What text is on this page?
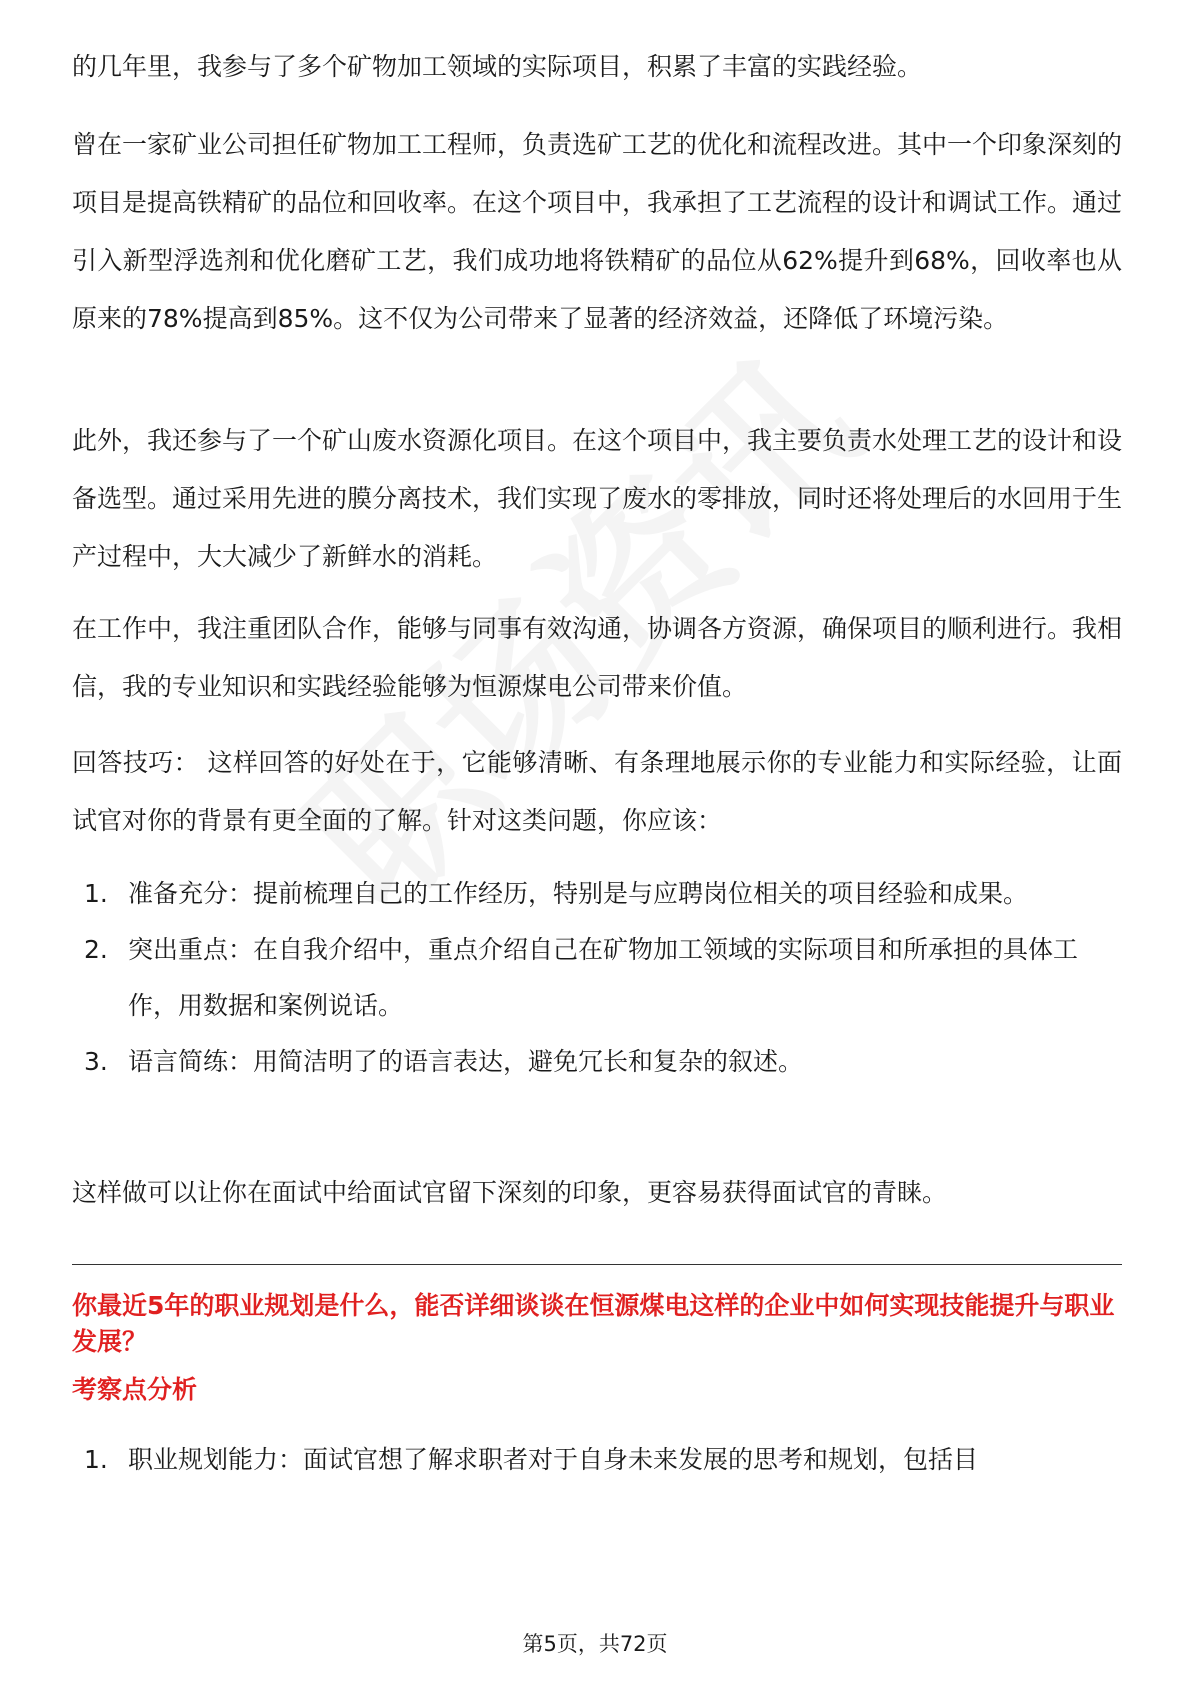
的几年里，我参与了多个矿物加工领域的实际项目，积累了丰富的实践经验。

曾在一家矿业公司担任矿物加工工程师，负责选矿工艺的优化和流程改进。其中一个印象深刻的项目是提高铁精矿的品位和回收率。在这个项目中，我承担了工艺流程的设计和调试工作。通过引入新型浮选剂和优化磨矿工艺，我们成功地将铁精矿的品位从62%提升到68%，回收率也从原来的78%提高到85%。这不仅为公司带来了显著的经济效益，还降低了环境污染。

此外，我还参与了一个矿山废水资源化项目。在这个项目中，我主要负责水处理工艺的设计和设备选型。通过采用先进的膜分离技术，我们实现了废水的零排放，同时还将处理后的水回用于生产过程中，大大减少了新鲜水的消耗。

在工作中，我注重团队合作，能够与同事有效沟通，协调各方资源，确保项目的顺利进行。我相信，我的专业知识和实践经验能够为恒源煤电公司带来价值。

回答技巧： 这样回答的好处在于，它能够清晰、有条理地展示你的专业能力和实际经验，让面试官对你的背景有更全面的了解。针对这类问题，你应该：

1. 准备充分：提前梳理自己的工作经历，特别是与应聘岗位相关的项目经验和成果。
2. 突出重点：在自我介绍中，重点介绍自己在矿物加工领域的实际项目和所承担的具体工作，用数据和案例说话。
3. 语言简练：用简洁明了的语言表达，避免冗长和复杂的叙述。

这样做可以让你在面试中给面试官留下深刻的印象，更容易获得面试官的青睐。

你最近5年的职业规划是什么，能否详细谈谈在恒源煤电这样的企业中如何实现技能提升与职业发展？

考察点分析

1. 职业规划能力：面试官想了解求职者对于自身未来发展的思考和规划，包括目
第5页，共72页
